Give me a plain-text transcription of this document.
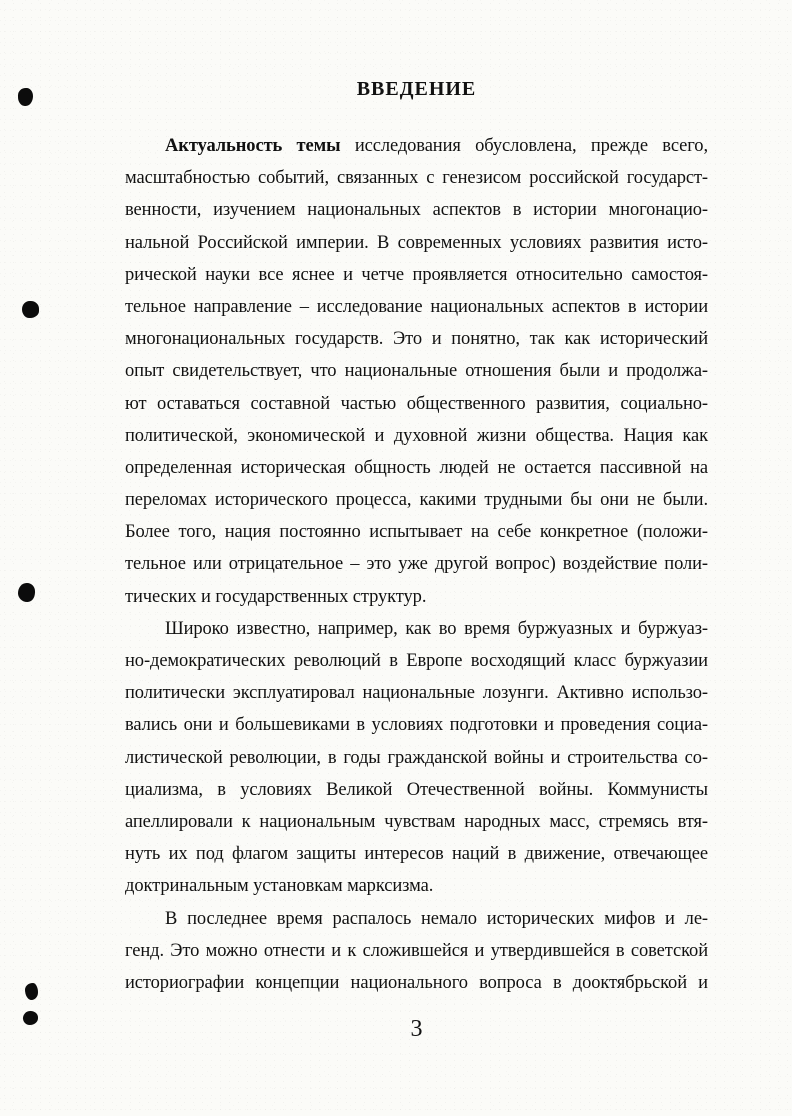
ВВЕДЕНИЕ
Актуальность темы исследования обусловлена, прежде всего,
масштабностью событий, связанных с генезисом российской государст-
венности, изучением национальных аспектов в истории многонацио-
нальной Российской империи. В современных условиях развития исто-
рической науки все яснее и четче проявляется относительно самостоя-
тельное направление – исследование национальных аспектов в истории
многонациональных государств. Это и понятно, так как исторический
опыт свидетельствует, что национальные отношения были и продолжа-
ют оставаться составной частью общественного развития, социально-
политической, экономической и духовной жизни общества. Нация как
определенная историческая общность людей не остается пассивной на
переломах исторического процесса, какими трудными бы они не были.
Более того, нация постоянно испытывает на себе конкретное (положи-
тельное или отрицательное – это уже другой вопрос) воздействие поли-
тических и государственных структур.
Широко известно, например, как во время буржуазных и буржуаз-
но-демократических революций в Европе восходящий класс буржуазии
политически эксплуатировал национальные лозунги. Активно использо-
вались они и большевиками в условиях подготовки и проведения социа-
листической революции, в годы гражданской войны и строительства со-
циализма, в условиях Великой Отечественной войны. Коммунисты
апеллировали к национальным чувствам народных масс, стремясь втя-
нуть их под флагом защиты интересов наций в движение, отвечающее
доктринальным установкам марксизма.
В последнее время распалось немало исторических мифов и ле-
генд. Это можно отнести и к сложившейся и утвердившейся в советской
историографии концепции национального вопроса в дооктябрьской и
3
